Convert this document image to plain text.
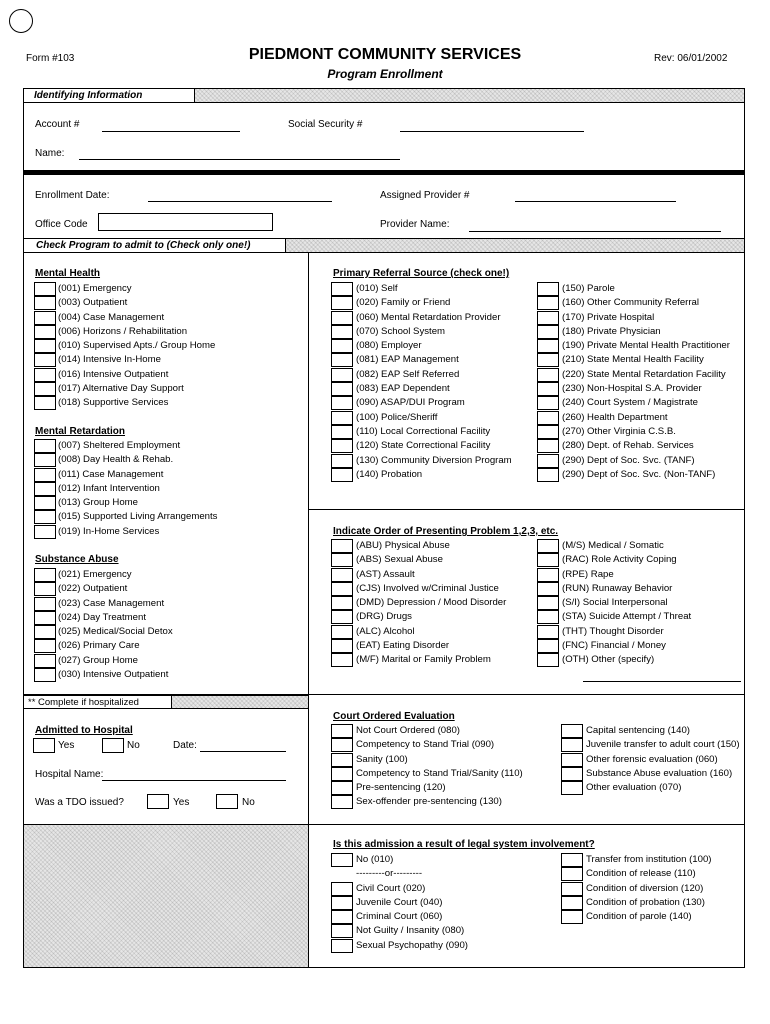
Form #103	PIEDMONT COMMUNITY SERVICES
Program Enrollment
Rev: 06/01/2002
Identifying Information
Account #	Social Security #
Name:
Enrollment Date:	Assigned Provider #
Office Code	Provider Name:
Check Program to admit to (Check only one!)
Mental Health
(001) Emergency
(003) Outpatient
(004) Case Management
(006) Horizons / Rehabilitation
(010) Supervised Apts./ Group Home
(014) Intensive In-Home
(016) Intensive Outpatient
(017) Alternative Day Support
(018) Supportive Services
Mental Retardation
(007) Sheltered Employment
(008) Day Health & Rehab.
(011) Case Management
(012) Infant Intervention
(013) Group Home
(015) Supported Living Arrangements
(019) In-Home Services
Substance Abuse
(021) Emergency
(022) Outpatient
(023) Case Management
(024) Day Treatment
(025) Medical/Social Detox
(026) Primary Care
(027) Group Home
(030) Intensive Outpatient
Primary Referral Source (check one!)
(010) Self
(020) Family or Friend
(060) Mental Retardation Provider
(070) School System
(080) Employer
(081) EAP Management
(082) EAP Self Referred
(083) EAP Dependent
(090) ASAP/DUI Program
(100) Police/Sheriff
(110) Local Correctional Facility
(120) State Correctional Facility
(130) Community Diversion Program
(140) Probation
(150) Parole
(160) Other Community Referral
(170) Private Hospital
(180) Private Physician
(190) Private Mental Health Practitioner
(210) State Mental Health Facility
(220) State Mental Retardation Facility
(230) Non-Hospital S.A. Provider
(240) Court System / Magistrate
(260) Health Department
(270) Other Virginia C.S.B.
(280) Dept. of Rehab. Services
(290) Dept of Soc. Svc. (TANF)
(290) Dept of Soc. Svc. (Non-TANF)
Indicate Order of Presenting Problem 1,2,3, etc.
(ABU) Physical Abuse
(ABS) Sexual Abuse
(AST) Assault
(CJS) Involved w/Criminal Justice
(DMD) Depression / Mood Disorder
(DRG) Drugs
(ALC) Alcohol
(EAT) Eating Disorder
(M/F) Marital or Family Problem
(M/S) Medical / Somatic
(RAC) Role Activity Coping
(RPE) Rape
(RUN) Runaway Behavior
(S/I) Social Interpersonal
(STA) Suicide Attempt / Threat
(THT) Thought Disorder
(FNC) Financial / Money
(OTH) Other (specify)
** Complete if hospitalized
Admitted to Hospital
Yes	No	Date:
Hospital Name:
Was a TDO issued?	Yes	No
Court Ordered Evaluation
Not Court Ordered (080)
Competency to Stand Trial (090)
Sanity (100)
Competency to Stand Trial/Sanity (110)
Pre-sentencing (120)
Sex-offender pre-sentencing (130)
Capital sentencing (140)
Juvenile transfer to adult court (150)
Other forensic evaluation (060)
Substance Abuse evaluation (160)
Other evaluation (070)
Is this admission a result of legal system involvement?
No (010)
---------or---------
Civil Court (020)
Juvenile Court (040)
Criminal Court (060)
Not Guilty / Insanity (080)
Sexual Psychopathy (090)
Transfer from institution (100)
Condition of release (110)
Condition of diversion (120)
Condition of probation (130)
Condition of parole (140)
